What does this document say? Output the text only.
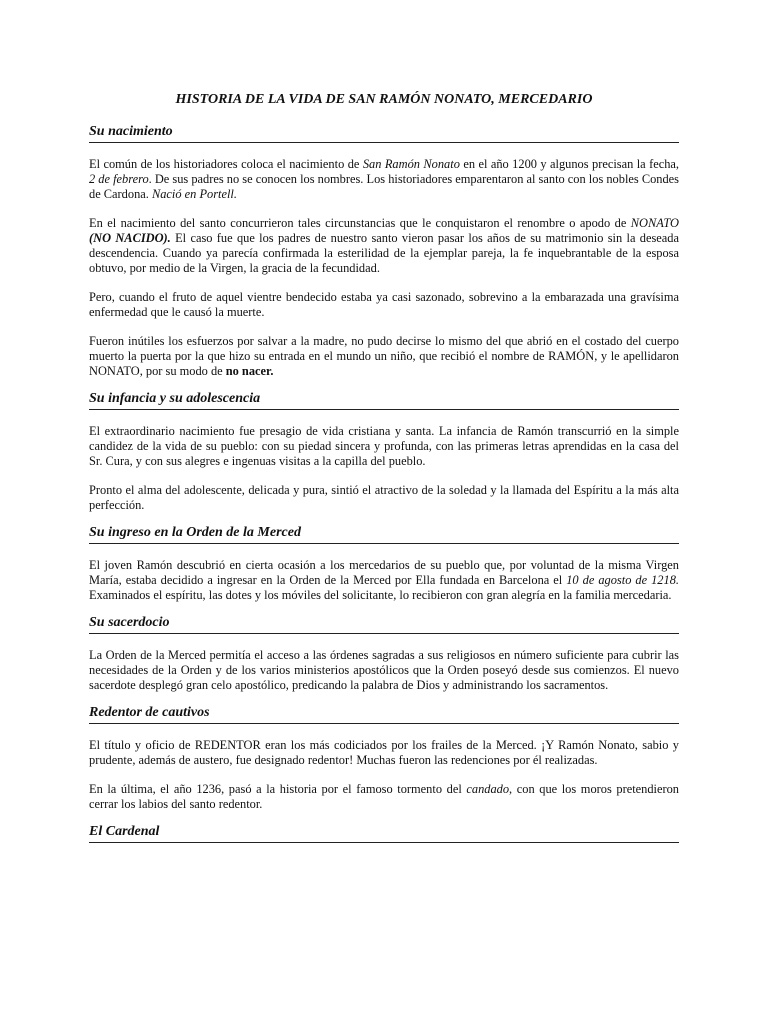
HISTORIA DE LA VIDA DE SAN RAMÓN NONATO, MERCEDARIO
Su nacimiento

El común de los historiadores coloca el nacimiento de San Ramón Nonato en el año 1200 y algunos precisan la fecha, 2 de febrero. De sus padres no se conocen los nombres. Los historiadores emparentaron al santo con los nobles Condes de Cardona. Nació en Portell.

En el nacimiento del santo concurrieron tales circunstancias que le conquistaron el renombre o apodo de NONATO (NO NACIDO). El caso fue que los padres de nuestro santo vieron pasar los años de su matrimonio sin la deseada descendencia. Cuando ya parecía confirmada la esterilidad de la ejemplar pareja, la fe inquebrantable de la esposa obtuvo, por medio de la Virgen, la gracia de la fecundidad.

Pero, cuando el fruto de aquel vientre bendecido estaba ya casi sazonado, sobrevino a la embarazada una gravísima enfermedad que le causó la muerte.

Fueron inútiles los esfuerzos por salvar a la madre, no pudo decirse lo mismo del que abrió en el costado del cuerpo muerto la puerta por la que hizo su entrada en el mundo un niño, que recibió el nombre de RAMÓN, y le apellidaron NONATO, por su modo de no nacer.

Su infancia y su adolescencia

El extraordinario nacimiento fue presagio de vida cristiana y santa. La infancia de Ramón transcurrió en la simple candidez de la vida de su pueblo: con su piedad sincera y profunda, con las primeras letras aprendidas en la casa del Sr. Cura, y con sus alegres e ingenuas visitas a la capilla del pueblo.

Pronto el alma del adolescente, delicada y pura, sintió el atractivo de la soledad y la llamada del Espíritu a la más alta perfección.

Su ingreso en la Orden de la Merced

El joven Ramón descubrió en cierta ocasión a los mercedarios de su pueblo que, por voluntad de la misma Virgen María, estaba decidido a ingresar en la Orden de la Merced por Ella fundada en Barcelona el 10 de agosto de 1218. Examinados el espíritu, las dotes y los móviles del solicitante, lo recibieron con gran alegría en la familia mercedaria.

Su sacerdocio

La Orden de la Merced permitía el acceso a las órdenes sagradas a sus religiosos en número suficiente para cubrir las necesidades de la Orden y de los varios ministerios apostólicos que la Orden poseyó desde sus comienzos. El nuevo sacerdote desplegó gran celo apostólico, predicando la palabra de Dios y administrando los sacramentos.

Redentor de cautivos

El título y oficio de REDENTOR eran los más codiciados por los frailes de la Merced. ¡Y Ramón Nonato, sabio y prudente, además de austero, fue designado redentor! Muchas fueron las redenciones por él realizadas.

En la última, el año 1236, pasó a la historia por el famoso tormento del candado, con que los moros pretendieron cerrar los labios del santo redentor.

El Cardenal
